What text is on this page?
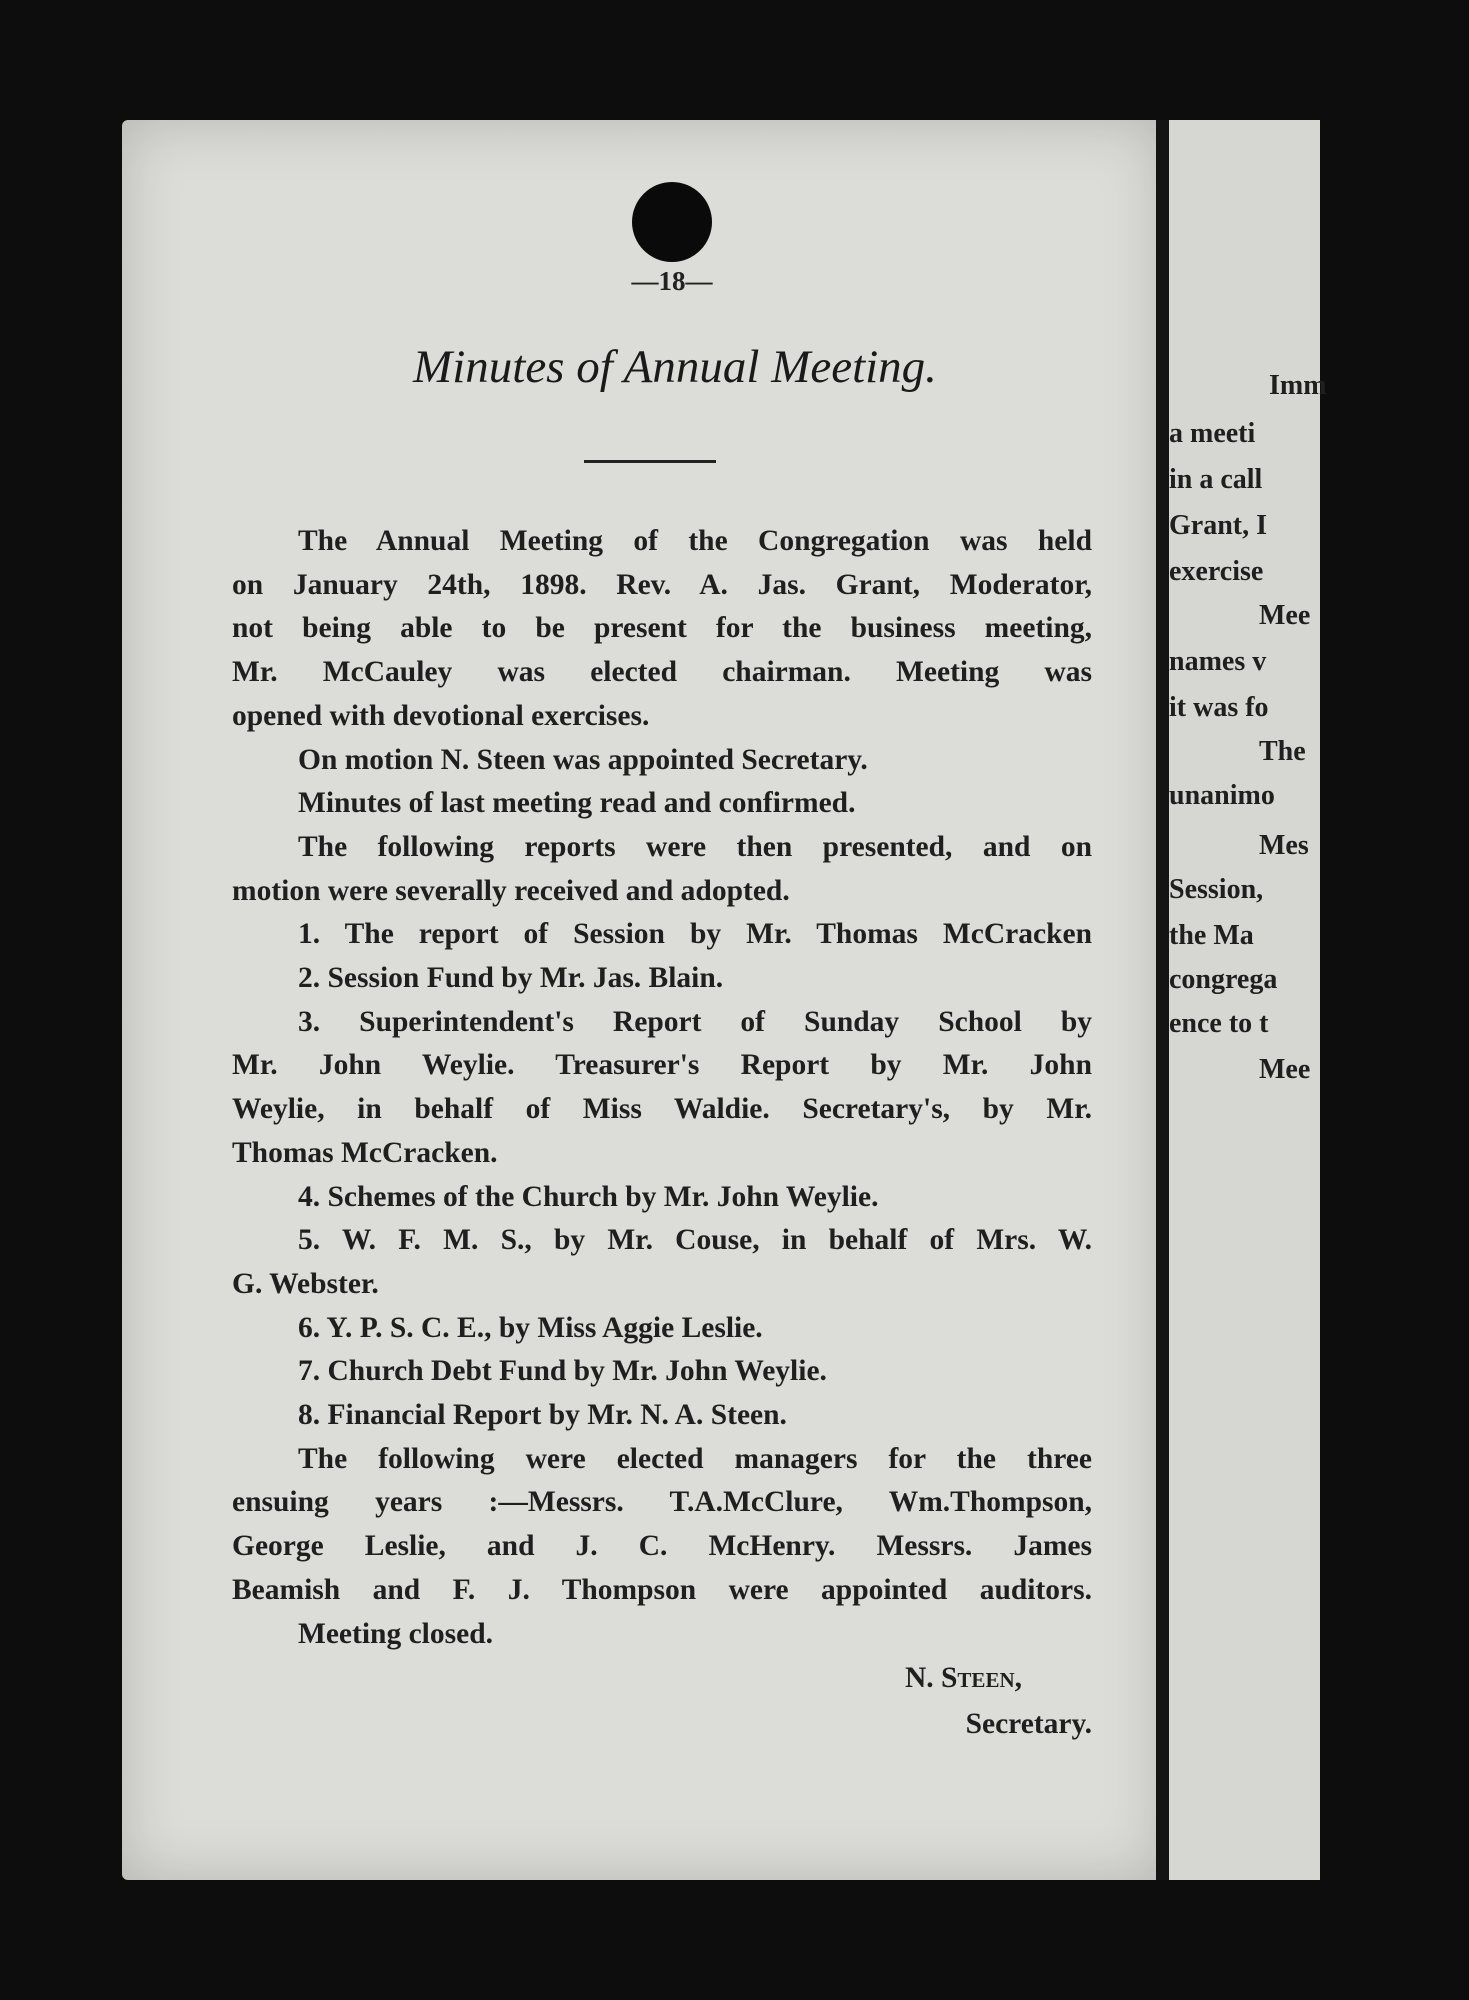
Imm
a meeti
in a call
Grant, I
exercise
Mee
names v
it was fo
The
unanimo
Mes
Session,
the Ma
congrega
ence to t
Mee
—18—
Minutes of Annual Meeting.
The Annual Meeting of the Congregation was held
on January 24th, 1898. Rev. A. Jas. Grant, Moderator,
not being able to be present for the business meeting,
Mr. McCauley was elected chairman. Meeting was
opened with devotional exercises.
On motion N. Steen was appointed Secretary.
Minutes of last meeting read and confirmed.
The following reports were then presented, and on
motion were severally received and adopted.
1. The report of Session by Mr. Thomas McCracken
2. Session Fund by Mr. Jas. Blain.
3. Superintendent's Report of Sunday School by
Mr. John Weylie. Treasurer's Report by Mr. John
Weylie, in behalf of Miss Waldie. Secretary's, by Mr.
Thomas McCracken.
4. Schemes of the Church by Mr. John Weylie.
5. W. F. M. S., by Mr. Couse, in behalf of Mrs. W.
G. Webster.
6. Y. P. S. C. E., by Miss Aggie Leslie.
7. Church Debt Fund by Mr. John Weylie.
8. Financial Report by Mr. N. A. Steen.
The following were elected managers for the three
ensuing years :—Messrs. T.A.McClure, Wm.Thompson,
George Leslie, and J. C. McHenry. Messrs. James
Beamish and F. J. Thompson were appointed auditors.
Meeting closed.
N. Steen,
Secretary.
